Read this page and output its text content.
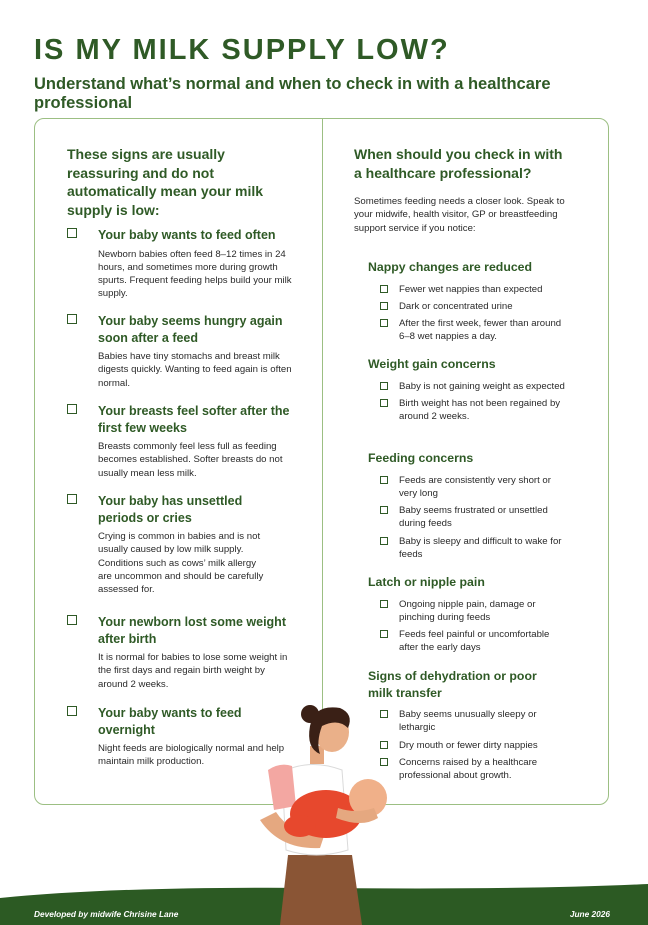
IS MY MILK SUPPLY LOW?

Understand what’s normal and when to check in with a healthcare professional

These signs are usually reassuring and do not automatically mean your milk supply is low:

Your baby wants to feed often

Newborn babies often feed 8–12 times in 24 hours, and sometimes more during growth spurts. Frequent feeding helps build your milk supply.

Your baby seems hungry again soon after a feed

Babies have tiny stomachs and breast milk digests quickly. Wanting to feed again is often normal.

Your breasts feel softer after the first few weeks

Breasts commonly feel less full as feeding becomes established. Softer breasts do not usually mean less milk.

Your baby has unsettled periods or cries

Crying is common in babies and is not usually caused by low milk supply. Conditions such as cows’ milk allergy are uncommon and should be carefully assessed for.

Your newborn lost some weight after birth

It is normal for babies to lose some weight in the first days and regain birth weight by around 2 weeks.

Your baby wants to feed overnight

Night feeds are biologically normal and help maintain milk production.

When should you check in with a healthcare professional?

Sometimes feeding needs a closer look. Speak to your midwife, health visitor, GP or breastfeeding support service if you notice:

Nappy changes are reduced

Fewer wet nappies than expected
Dark or concentrated urine
After the first week, fewer than around 6–8 wet nappies a day.

Weight gain concerns

Baby is not gaining weight as expected
Birth weight has not been regained by around 2 weeks.

Feeding concerns

Feeds are consistently very short or very long
Baby seems frustrated or unsettled during feeds
Baby is sleepy and difficult to wake for feeds

Latch or nipple pain

Ongoing nipple pain, damage or pinching during feeds
Feeds feel painful or uncomfortable after the early days

Signs of dehydration or poor milk transfer

Baby seems unusually sleepy or lethargic
Dry mouth or fewer dirty nappies
Concerns raised by a healthcare professional about growth.

Developed by midwife Chrisine Lane	June 2026
